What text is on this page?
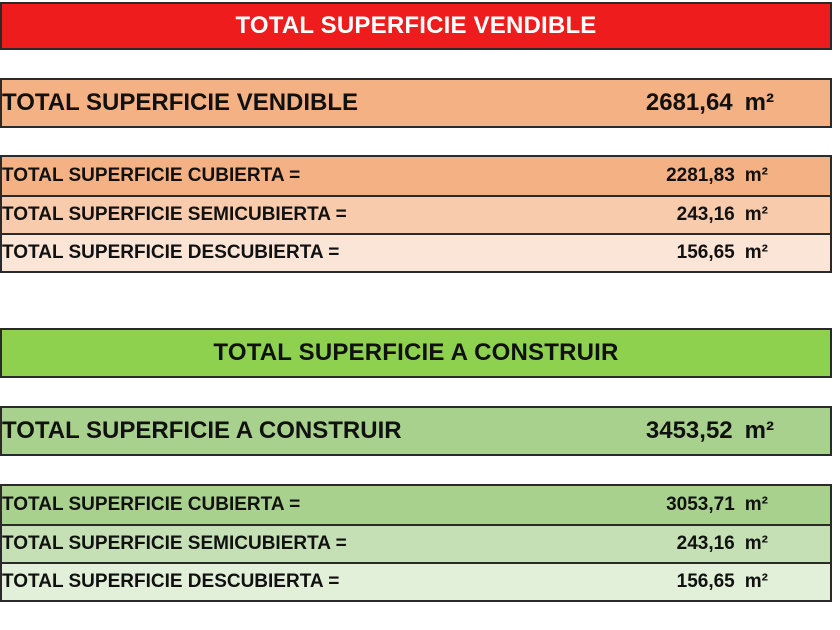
TOTAL SUPERFICIE VENDIBLE
TOTAL SUPERFICIE VENDIBLE	2681,64 m²
TOTAL SUPERFICIE CUBIERTA =	2281,83 m²
TOTAL SUPERFICIE SEMICUBIERTA =	243,16 m²
TOTAL SUPERFICIE DESCUBIERTA =	156,65 m²
TOTAL SUPERFICIE A CONSTRUIR
TOTAL SUPERFICIE A CONSTRUIR	3453,52 m²
TOTAL SUPERFICIE CUBIERTA =	3053,71 m²
TOTAL SUPERFICIE SEMICUBIERTA =	243,16 m²
TOTAL SUPERFICIE DESCUBIERTA =	156,65 m²
